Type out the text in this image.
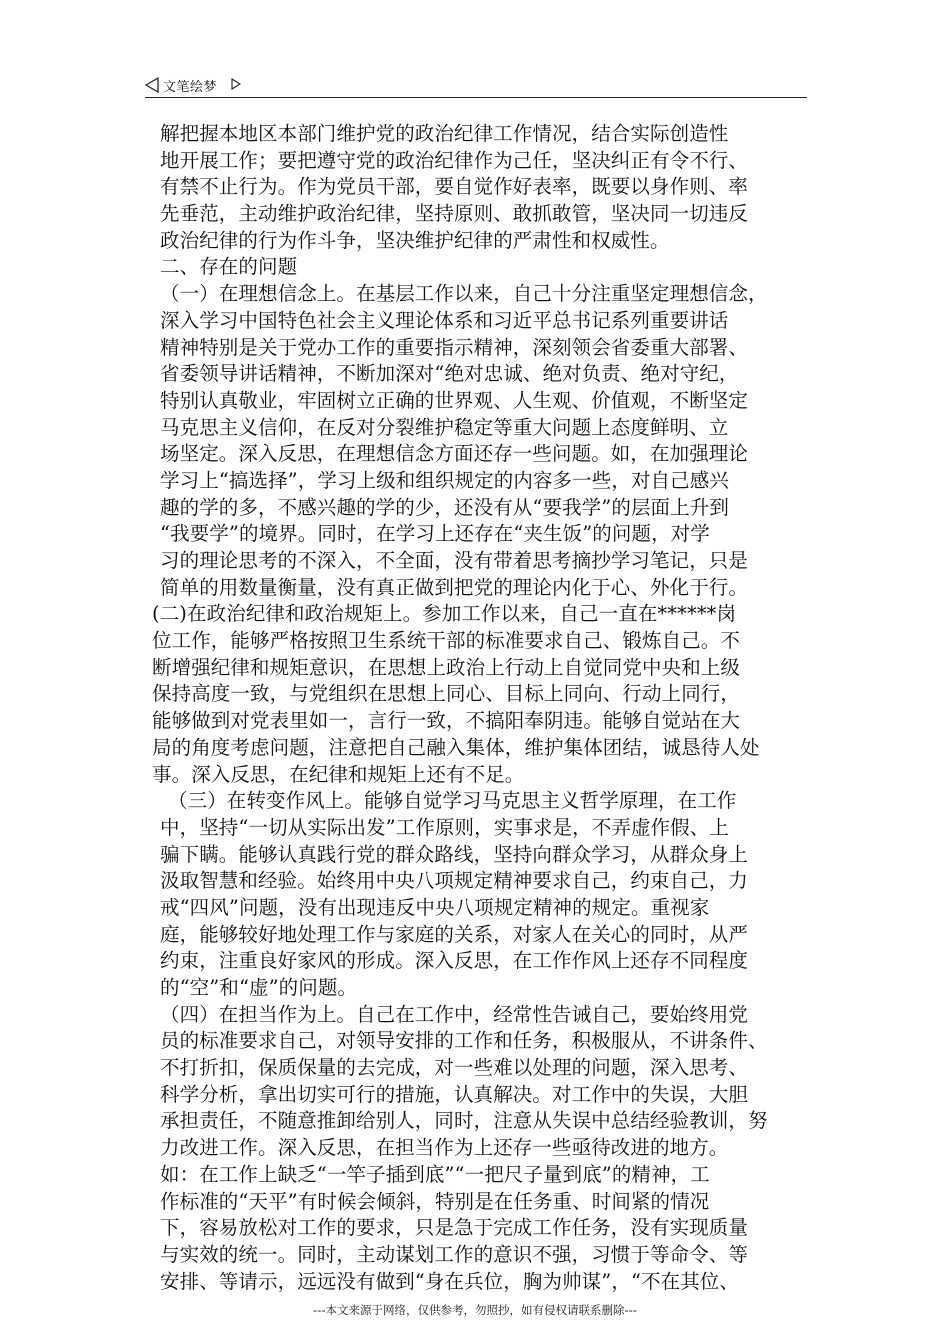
文笔绘梦
解把握本地区本部门维护党的政治纪律工作情况，结合实际创造性
地开展工作；要把遵守党的政治纪律作为己任，坚决纠正有令不行、
有禁不止行为。作为党员干部，要自觉作好表率，既要以身作则、率
先垂范，主动维护政治纪律，坚持原则、敢抓敢管，坚决同一切违反
政治纪律的行为作斗争，坚决维护纪律的严肃性和权威性。
二、存在的问题
（一）在理想信念上。在基层工作以来，自己十分注重坚定理想信念，
深入学习中国特色社会主义理论体系和习近平总书记系列重要讲话
精神特别是关于党办工作的重要指示精神，深刻领会省委重大部署、
省委领导讲话精神，不断加深对“绝对忠诚、绝对负责、绝对守纪，
特别认真敬业，牢固树立正确的世界观、人生观、价值观，不断坚定
马克思主义信仰，在反对分裂维护稳定等重大问题上态度鲜明、立
场坚定。深入反思，在理想信念方面还存一些问题。如，在加强理论
学习上“搞选择”，学习上级和组织规定的内容多一些，对自己感兴
趣的学的多，不感兴趣的学的少，还没有从“要我学”的层面上升到
“我要学”的境界。同时，在学习上还存在“夹生饭”的问题，对学
习的理论思考的不深入，不全面，没有带着思考摘抄学习笔记，只是
简单的用数量衡量，没有真正做到把党的理论内化于心、外化于行。
(二)在政治纪律和政治规矩上。参加工作以来，自己一直在******岗
位工作，能够严格按照卫生系统干部的标准要求自己、锻炼自己。不
断增强纪律和规矩意识，在思想上政治上行动上自觉同党中央和上级
保持高度一致，与党组织在思想上同心、目标上同向、行动上同行，
能够做到对党表里如一，言行一致，不搞阳奉阴违。能够自觉站在大
局的角度考虑问题，注意把自己融入集体，维护集体团结，诚恳待人处
事。深入反思，在纪律和规矩上还有不足。
（三）在转变作风上。能够自觉学习马克思主义哲学原理，在工作
中，坚持“一切从实际出发”工作原则，实事求是，不弄虚作假、上
骗下瞒。能够认真践行党的群众路线，坚持向群众学习，从群众身上
汲取智慧和经验。始终用中央八项规定精神要求自己，约束自己，力
戒“四风”问题，没有出现违反中央八项规定精神的规定。重视家
庭，能够较好地处理工作与家庭的关系，对家人在关心的同时，从严
约束，注重良好家风的形成。深入反思，在工作作风上还存不同程度
的“空”和“虚”的问题。
（四）在担当作为上。自己在工作中，经常性告诫自己，要始终用党
员的标准要求自己，对领导安排的工作和任务，积极服从，不讲条件、
不打折扣，保质保量的去完成，对一些难以处理的问题，深入思考、
科学分析，拿出切实可行的措施，认真解决。对工作中的失误，大胆
承担责任，不随意推卸给别人，同时，注意从失误中总结经验教训，努
力改进工作。深入反思，在担当作为上还存一些亟待改进的地方。
如：在工作上缺乏“一竿子插到底”“一把尺子量到底”的精神，工
作标准的“天平”有时候会倾斜，特别是在任务重、时间紧的情况
下，容易放松对工作的要求，只是急于完成工作任务，没有实现质量
与实效的统一。同时，主动谋划工作的意识不强，习惯于等命令、等
安排、等请示，远远没有做到“身在兵位，胸为帅谋”，“不在其位、
---本文来源于网络，仅供参考，勿照抄，如有侵权请联系删除---
